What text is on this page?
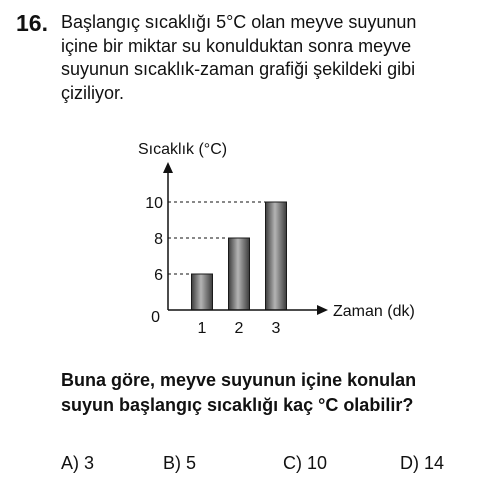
16. Başlangıç sıcaklığı 5°C olan meyve suyunun
içine bir miktar su konulduktan sonra meyve
suyunun sıcaklık-zaman grafiği şekildeki gibi
çiziliyor.
0
6
8
10
1 2 3
Sıcaklık (°C)
Zaman (dk)
Buna göre, meyve suyunun içine konulan
suyun başlangıç sıcaklığı kaç °C olabilir?
A) 3	B) 5	C) 10	D) 14
